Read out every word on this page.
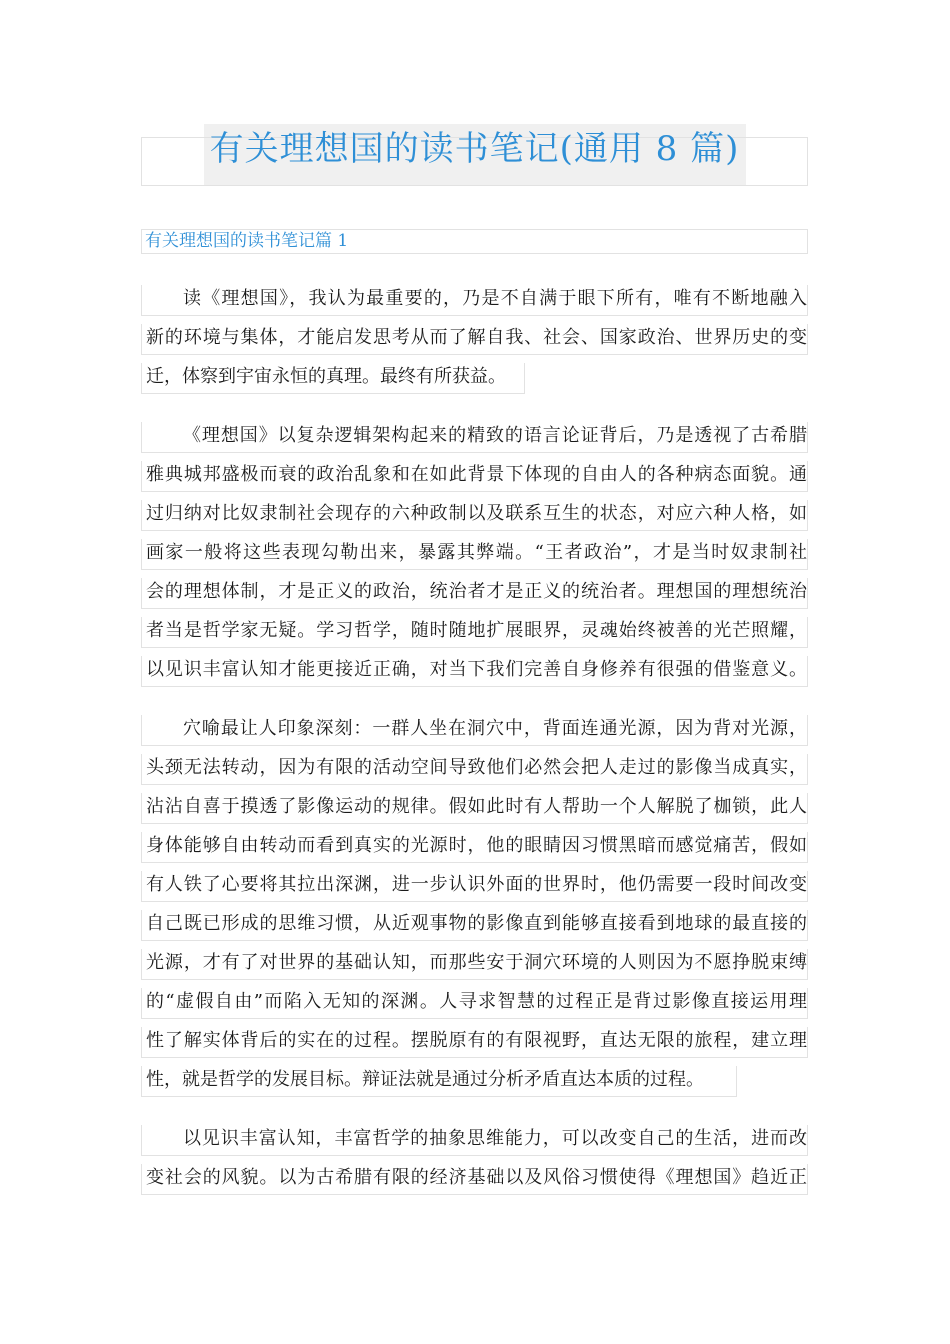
有关理想国的读书笔记(通用 8 篇)
有关理想国的读书笔记篇 1
读《理想国》，我认为最重要的，乃是不自满于眼下所有，唯有不断地融入
新的环境与集体，才能启发思考从而了解自我、社会、国家政治、世界历史的变
迁，体察到宇宙永恒的真理。最终有所获益。
《理想国》以复杂逻辑架构起来的精致的语言论证背后，乃是透视了古希腊
雅典城邦盛极而衰的政治乱象和在如此背景下体现的自由人的各种病态面貌。通
过归纳对比奴隶制社会现存的六种政制以及联系互生的状态，对应六种人格，如
画家一般将这些表现勾勒出来，暴露其弊端。“王者政治”，才是当时奴隶制社
会的理想体制，才是正义的政治，统治者才是正义的统治者。理想国的理想统治
者当是哲学家无疑。学习哲学，随时随地扩展眼界，灵魂始终被善的光芒照耀，
以见识丰富认知才能更接近正确，对当下我们完善自身修养有很强的借鉴意义。
穴喻最让人印象深刻：一群人坐在洞穴中，背面连通光源，因为背对光源，
头颈无法转动，因为有限的活动空间导致他们必然会把人走过的影像当成真实，
沾沾自喜于摸透了影像运动的规律。假如此时有人帮助一个人解脱了枷锁，此人
身体能够自由转动而看到真实的光源时，他的眼睛因习惯黑暗而感觉痛苦，假如
有人铁了心要将其拉出深渊，进一步认识外面的世界时，他仍需要一段时间改变
自己既已形成的思维习惯，从近观事物的影像直到能够直接看到地球的最直接的
光源，才有了对世界的基础认知，而那些安于洞穴环境的人则因为不愿挣脱束缚
的“虚假自由”而陷入无知的深渊。人寻求智慧的过程正是背过影像直接运用理
性了解实体背后的实在的过程。摆脱原有的有限视野，直达无限的旅程，建立理
性，就是哲学的发展目标。辩证法就是通过分析矛盾直达本质的过程。
以见识丰富认知，丰富哲学的抽象思维能力，可以改变自己的生活，进而改
变社会的风貌。以为古希腊有限的经济基础以及风俗习惯使得《理想国》趋近正
